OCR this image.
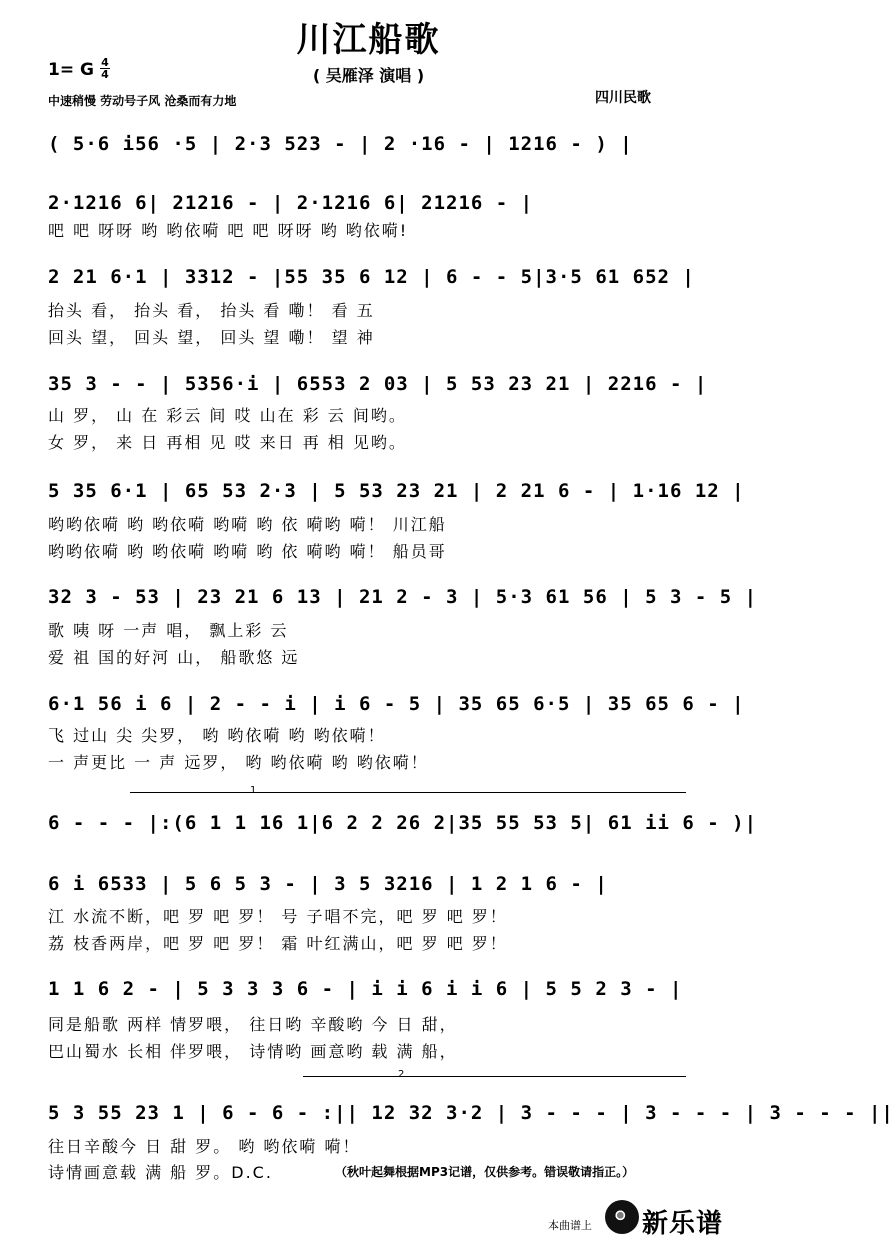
川江船歌
1= G 4
4	( 吴雁泽 演唱 )
中速稍慢 劳动号子风 沧桑而有力地	四川民歌
( 5·6 i56 ·5 | 2·3 523 - | 2 ·16 - | 1216 - ) |
2·1216 6| 21216 - | 2·1216 6| 21216 - |
吧 吧 呀呀 哟 哟依嗬 吧 吧 呀呀 哟 哟依嗬!
2 21 6·1 | 3312 - |55 35 6 12 | 6 - - 5|3·5 61 652 |
抬头 看， 抬头 看， 抬头 看 嘞！ 看 五
回头 望， 回头 望， 回头 望 嘞！ 望 神
35 3 - - | 5356·i | 6553 2 03 | 5 53 23 21 | 2216 - |
山 罗， 山 在 彩云 间 哎 山在 彩 云 间哟。
女 罗， 来 日 再相 见 哎 来日 再 相 见哟。
5 35 6·1 | 65 53 2·3 | 5 53 23 21 | 2 21 6 - | 1·16 12 |
哟哟依嗬 哟 哟依嗬 哟嗬 哟 依 嗬哟 嗬！ 川江船
哟哟依嗬 哟 哟依嗬 哟嗬 哟 依 嗬哟 嗬！ 船员哥
32 3 - 53 | 23 21 6 13 | 21 2 - 3 | 5·3 61 56 | 5 3 - 5 |
歌 咦 呀 一声 唱， 飘上彩 云
爱 祖 国的好河 山， 船歌悠 远
6·1 56 i 6 | 2 - - i | i 6 - 5 | 35 65 6·5 | 35 65 6 - |
飞 过山 尖 尖罗， 哟 哟依嗬 哟 哟依嗬！
一 声更比 一 声 远罗， 哟 哟依嗬 哟 哟依嗬！
1
6 - - - |:(6 1 1 16 1|6 2 2 26 2|35 55 53 5| 61 ii 6 - )|
6 i 6533 | 5 6 5 3 - | 3 5 3216 | 1 2 1 6 - |
江 水流不断，吧 罗 吧 罗！ 号 子唱不完，吧 罗 吧 罗！
荔 枝香两岸，吧 罗 吧 罗！ 霜 叶红满山，吧 罗 吧 罗！
1 1 6 2 - | 5 3 3 3 6 - | i i 6 i i 6 | 5 5 2 3 - |
同是船歌 两样 情罗喂， 往日哟 辛酸哟 今 日 甜，
巴山蜀水 长相 伴罗喂， 诗情哟 画意哟 载 满 船，
2
5 3 55 23 1 | 6 - 6 - :|| 12 32 3·2 | 3 - - - | 3 - - - | 3 - - - ||
往日辛酸今 日 甜 罗。 哟 哟依嗬 嗬！
诗情画意载 满 船 罗。D.C.	（秋叶起舞根据MP3记谱，仅供参考。错误敬请指正。）
本曲谱上 新乐谱
